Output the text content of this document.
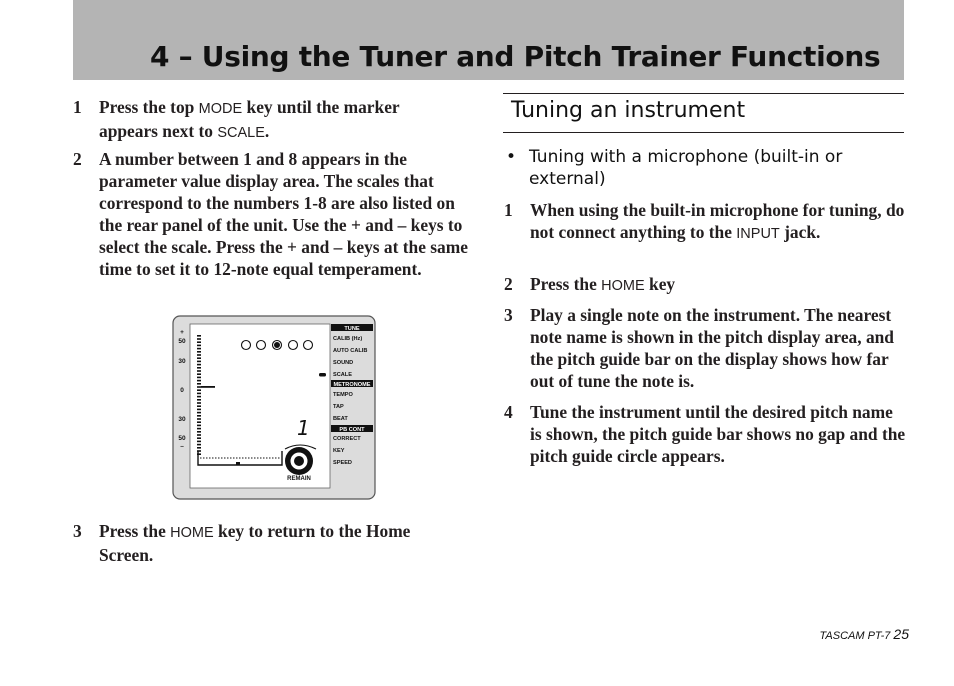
4 – Using the Tuner and Pitch Trainer Functions
1 Press the top MODE key until the marker appears next to SCALE.
2 A number between 1 and 8 appears in the parameter value display area. The scales that correspond to the numbers 1-8 are also listed on the rear panel of the unit. Use the + and – keys to select the scale. Press the + and – keys at the same time to set it to 12-note equal temperament.
+
50
30
0
30
50
–
1
REMAIN
TUNE
CALIB (Hz)
AUTO CALIB
SOUND
SCALE
METRONOME
TEMPO
TAP
BEAT
PB CONT
CORRECT
KEY
SPEED
3 Press the HOME key to return to the Home Screen.
Tuning an instrument
• Tuning with a microphone (built-in or external)
1 When using the built-in microphone for tuning, do not connect anything to the INPUT jack.
2 Press the HOME key
3 Play a single note on the instrument. The nearest note name is shown in the pitch display area, and the pitch guide bar on the display shows how far out of tune the note is.
4 Tune the instrument until the desired pitch name is shown, the pitch guide bar shows no gap and the pitch guide circle appears.
TASCAM PT-7 25
